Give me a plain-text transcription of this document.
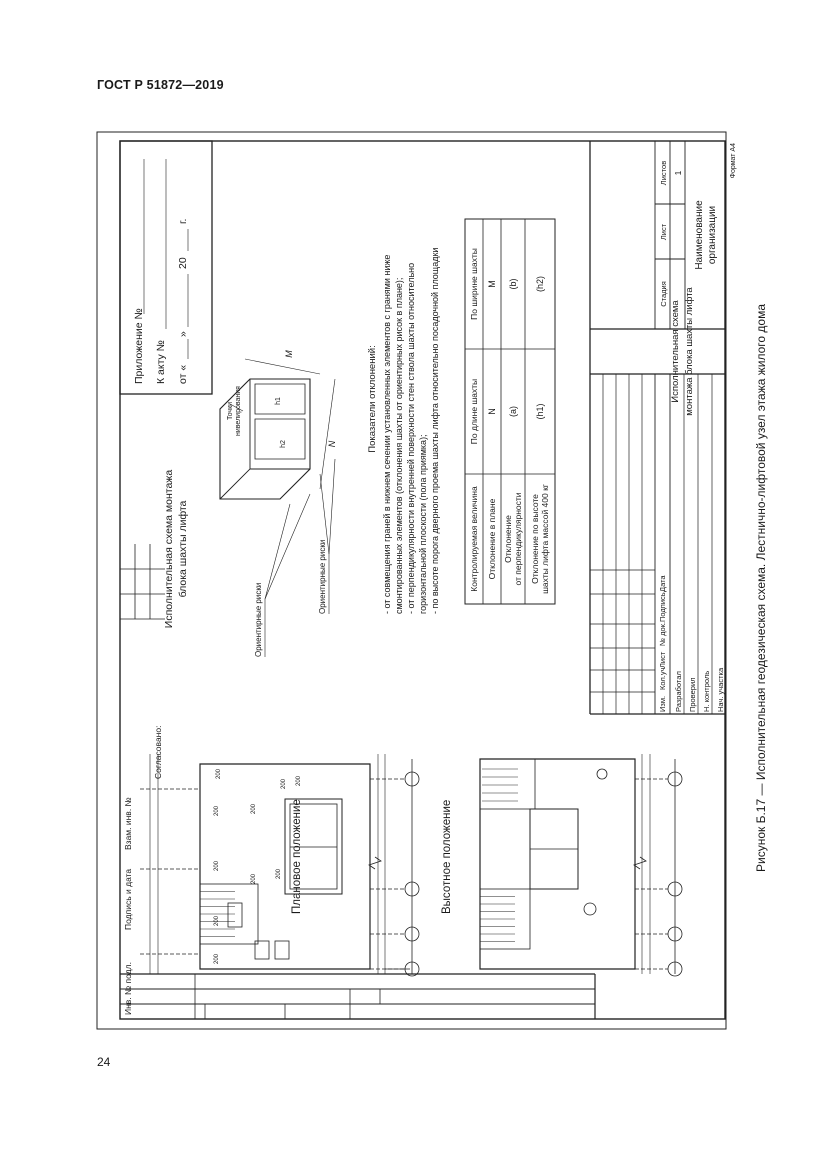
ГОСТ Р 51872—2019
Инв. № подл.
Подпись и дата
Взам. инв. №
Согласовано:
Плановое положение
200
200
200
200
200
200
200
200
200 200
Высотное положение
Исполнительная схема монтажа блока шахты лифта
Ориентирные риски
Ориентирные риски
Точки нивелирования
N
M
h1
h2
Приложение № К акту № от «
»
20
г.
Показатели отклонений: - от совмещения граней в нижнем сечении установленных элементов с гранями ниже смонтированных элементов (отклонения шахты от ориентирных рисок в плане); - от перпендикулярности внутренней поверхности стен ствола шахты относительно горизонтальной плоскости (пола приямка); - по высоте порога дверного проема шахты лифта относительно посадочной площадки	Контролируемая величина
По длине шахты
По ширине шахты
Отклонение в плане
N
M
Отклонение от перпендикулярности
(a)
(b)
Отклонение по высоте шахты лифта массой 400 кг
(h1)
(h2)
Изм.
Кол.уч
Лист
№ док.
Подпись
Дата
Разработал Проверил Н. контроль Нач. участка
Исполнительная схема монтажа блока шахты лифта
Стадия
Лист
Листов 1
Наименование организации
Формат А4
Рисунок Б.17 — Исполнительная геодезическая схема. Лестнично-лифтовой узел этажа жилого дома
24
